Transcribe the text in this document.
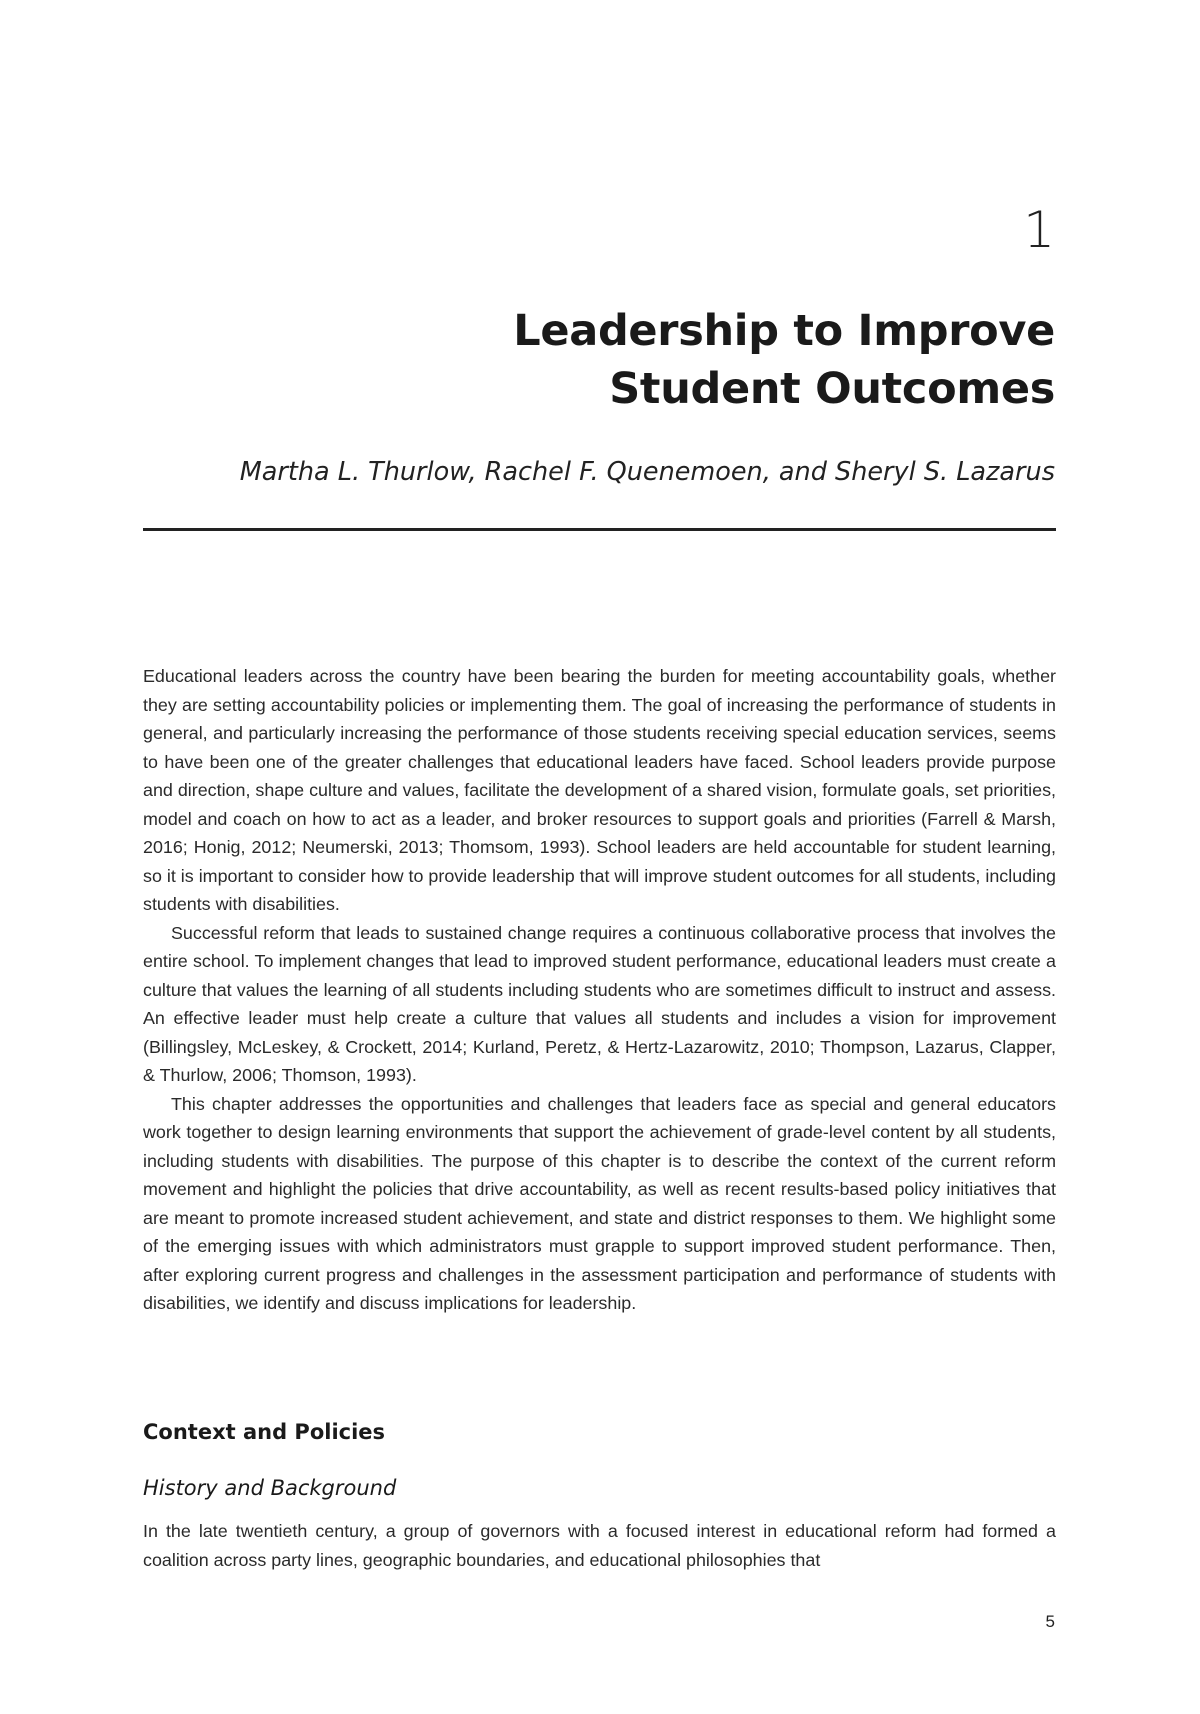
1
Leadership to Improve
Student Outcomes
Martha L. Thurlow, Rachel F. Quenemoen, and Sheryl S. Lazarus

Educational leaders across the country have been bearing the burden for meeting accountability goals, whether they are setting accountability policies or implementing them. The goal of increasing the performance of students in general, and particularly increasing the performance of those students receiving special education services, seems to have been one of the greater challenges that educational leaders have faced. School leaders provide purpose and direction, shape culture and values, facilitate the development of a shared vision, formulate goals, set priorities, model and coach on how to act as a leader, and broker resources to support goals and priorities (Farrell & Marsh, 2016; Honig, 2012; Neumerski, 2013; Thomsom, 1993). School leaders are held accountable for student learning, so it is important to consider how to provide leadership that will improve student outcomes for all students, including students with disabilities.

Successful reform that leads to sustained change requires a continuous collaborative process that involves the entire school. To implement changes that lead to improved student performance, educational leaders must create a culture that values the learning of all students including students who are sometimes difficult to instruct and assess. An effective leader must help create a culture that values all students and includes a vision for improvement (Billingsley, McLeskey, & Crockett, 2014; Kurland, Peretz, & Hertz-Lazarowitz, 2010; Thompson, Lazarus, Clapper, & Thurlow, 2006; Thomson, 1993).

This chapter addresses the opportunities and challenges that leaders face as special and general educators work together to design learning environments that support the achievement of grade-level content by all students, including students with disabilities. The purpose of this chapter is to describe the context of the current reform movement and highlight the policies that drive accountability, as well as recent results-based policy initiatives that are meant to promote increased student achievement, and state and district responses to them. We highlight some of the emerging issues with which administrators must grapple to support improved student performance. Then, after exploring current progress and challenges in the assessment participation and performance of students with disabilities, we identify and discuss implications for leadership.

Context and Policies
History and Background

In the late twentieth century, a group of governors with a focused interest in educational reform had formed a coalition across party lines, geographic boundaries, and educational philosophies that

5
